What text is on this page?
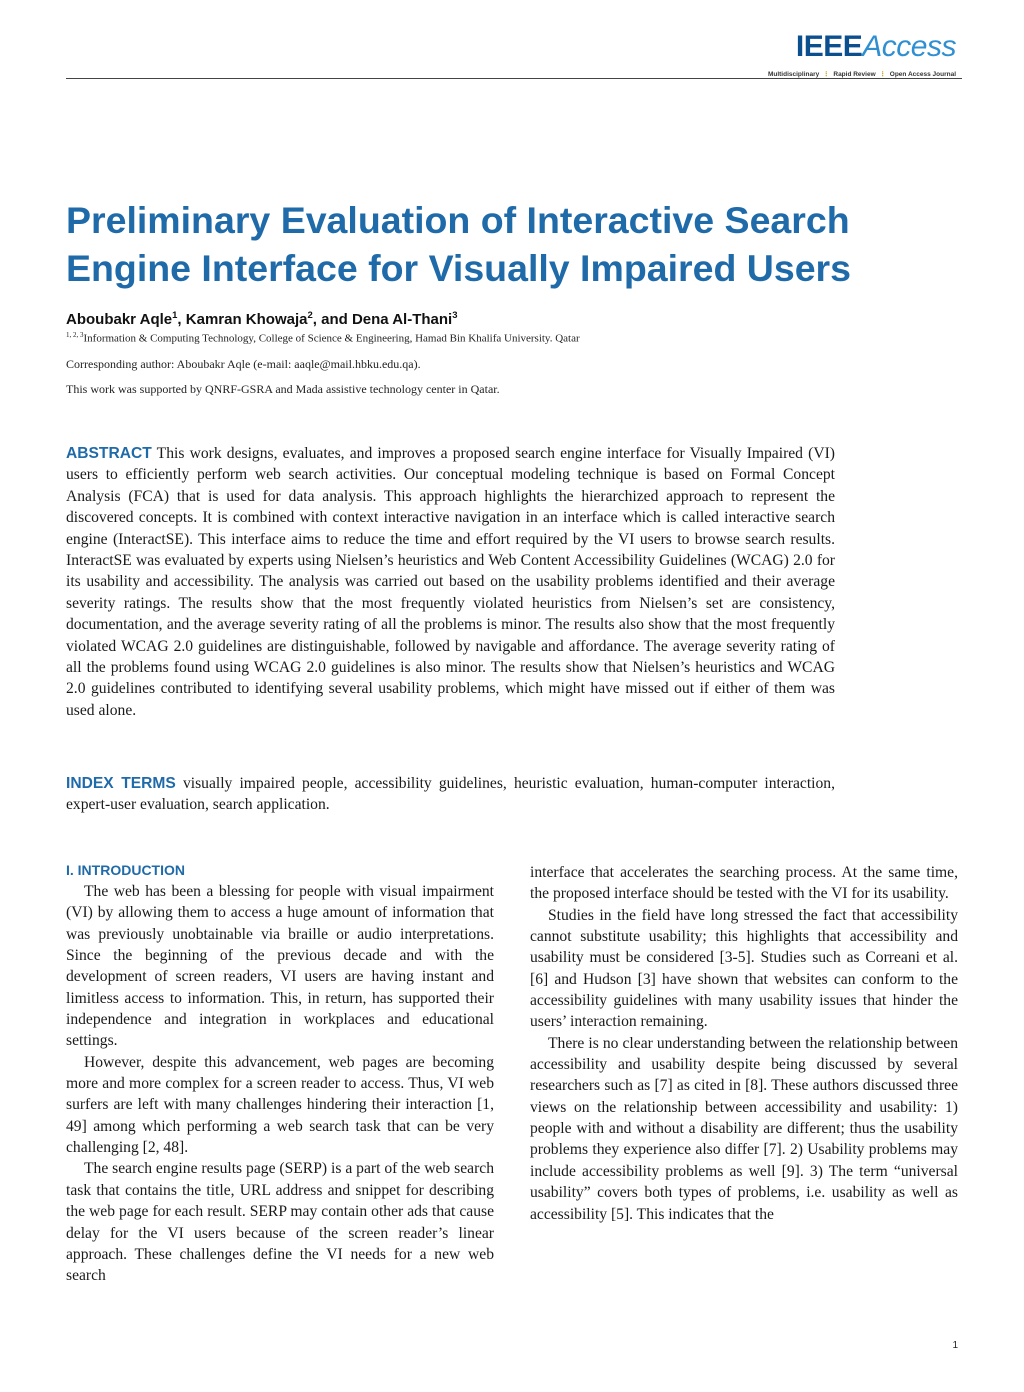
IEEEAccess
Multidisciplinary ⋮ Rapid Review ⋮ Open Access Journal
Preliminary Evaluation of Interactive Search Engine Interface for Visually Impaired Users
Aboubakr Aqle$^1$, Kamran Khowaja$^2$, and Dena Al-Thani$^3$
$^{1, 2, 3}$Information & Computing Technology, College of Science & Engineering, Hamad Bin Khalifa University. Qatar
Corresponding author: Aboubakr Aqle (e-mail: aaqle@mail.hbku.edu.qa).
This work was supported by QNRF-GSRA and Mada assistive technology center in Qatar.

ABSTRACT This work designs, evaluates, and improves a proposed search engine interface for Visually Impaired (VI) users to efficiently perform web search activities. Our conceptual modeling technique is based on Formal Concept Analysis (FCA) that is used for data analysis. This approach highlights the hierarchized approach to represent the discovered concepts. It is combined with context interactive navigation in an interface which is called interactive search engine (InteractSE). This interface aims to reduce the time and effort required by the VI users to browse search results. InteractSE was evaluated by experts using Nielsen’s heuristics and Web Content Accessibility Guidelines (WCAG) 2.0 for its usability and accessibility. The analysis was carried out based on the usability problems identified and their average severity ratings. The results show that the most frequently violated heuristics from Nielsen’s set are consistency, documentation, and the average severity rating of all the problems is minor. The results also show that the most frequently violated WCAG 2.0 guidelines are distinguishable, followed by navigable and affordance. The average severity rating of all the problems found using WCAG 2.0 guidelines is also minor. The results show that Nielsen’s heuristics and WCAG 2.0 guidelines contributed to identifying several usability problems, which might have missed out if either of them was used alone.

INDEX TERMS visually impaired people, accessibility guidelines, heuristic evaluation, human-computer interaction, expert-user evaluation, search application.

I. INTRODUCTION

The web has been a blessing for people with visual impairment (VI) by allowing them to access a huge amount of information that was previously unobtainable via braille or audio interpretations. Since the beginning of the previous decade and with the development of screen readers, VI users are having instant and limitless access to information. This, in return, has supported their independence and integration in workplaces and educational settings.

However, despite this advancement, web pages are becoming more and more complex for a screen reader to access. Thus, VI web surfers are left with many challenges hindering their interaction [1, 49] among which performing a web search task that can be very challenging [2, 48].

The search engine results page (SERP) is a part of the web search task that contains the title, URL address and snippet for describing the web page for each result. SERP may contain other ads that cause delay for the VI users because of the screen reader’s linear approach. These challenges define the VI needs for a new web search

interface that accelerates the searching process. At the same time, the proposed interface should be tested with the VI for its usability.

Studies in the field have long stressed the fact that accessibility cannot substitute usability; this highlights that accessibility and usability must be considered [3-5]. Studies such as Correani et al. [6] and Hudson [3] have shown that websites can conform to the accessibility guidelines with many usability issues that hinder the users’ interaction remaining.

There is no clear understanding between the relationship between accessibility and usability despite being discussed by several researchers such as [7] as cited in [8]. These authors discussed three views on the relationship between accessibility and usability: 1) people with and without a disability are different; thus the usability problems they experience also differ [7]. 2) Usability problems may include accessibility problems as well [9]. 3) The term “universal usability” covers both types of problems, i.e. usability as well as accessibility [5]. This indicates that the

1
